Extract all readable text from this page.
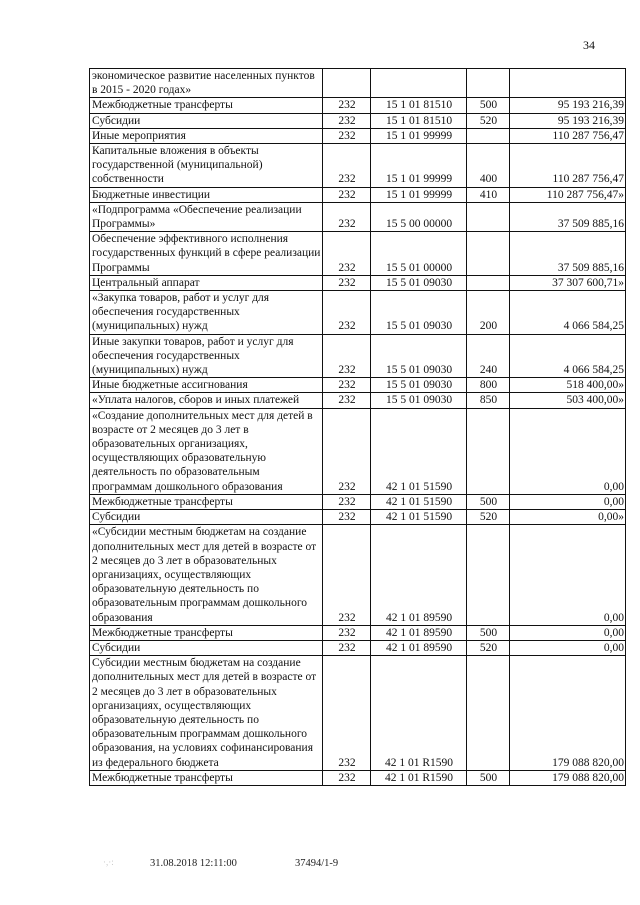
34
экономическое развитие населенных пунктов в 2015 - 2020 годах»				
Межбюджетные трансферты	232	15 1 01 81510	500	95 193 216,39
Субсидии	232	15 1 01 81510	520	95 193 216,39
Иные мероприятия	232	15 1 01 99999		110 287 756,47
Капитальные вложения в объекты государственной (муниципальной) собственности	232	15 1 01 99999	400	110 287 756,47
Бюджетные инвестиции	232	15 1 01 99999	410	110 287 756,47»
«Подпрограмма «Обеспечение реализации Программы»	232	15 5 00 00000		37 509 885,16
Обеспечение эффективного исполнения государственных функций в сфере реализации Программы	232	15 5 01 00000		37 509 885,16
Центральный аппарат	232	15 5 01 09030		37 307 600,71»
«Закупка товаров, работ и услуг для обеспечения государственных (муниципальных) нужд	232	15 5 01 09030	200	4 066 584,25
Иные закупки товаров, работ и услуг для обеспечения государственных (муниципальных) нужд	232	15 5 01 09030	240	4 066 584,25
Иные бюджетные ассигнования	232	15 5 01 09030	800	518 400,00»
«Уплата налогов, сборов и иных платежей	232	15 5 01 09030	850	503 400,00»
«Создание дополнительных мест для детей в возрасте от 2 месяцев до 3 лет в образовательных организациях, осуществляющих образовательную деятельность по образовательным программам дошкольного образования	232	42 1 01 51590		0,00
Межбюджетные трансферты	232	42 1 01 51590	500	0,00
Субсидии	232	42 1 01 51590	520	0,00»
«Субсидии местным бюджетам на создание дополнительных мест для детей в возрасте от 2 месяцев до 3 лет в образовательных организациях, осуществляющих образовательную деятельность по образовательным программам дошкольного образования	232	42 1 01 89590		0,00
Межбюджетные трансферты	232	42 1 01 89590	500	0,00
Субсидии	232	42 1 01 89590	520	0,00
Субсидии местным бюджетам на создание дополнительных мест для детей в возрасте от 2 месяцев до 3 лет в образовательных организациях, осуществляющих образовательную деятельность по образовательным программам дошкольного образования, на условиях софинансирования из федерального бюджета	232	42 1 01 R1590		179 088 820,00
Межбюджетные трансферты	232	42 1 01 R1590	500	179 088 820,00
·,·:	31.08.2018 12:11:00	37494/1-9
